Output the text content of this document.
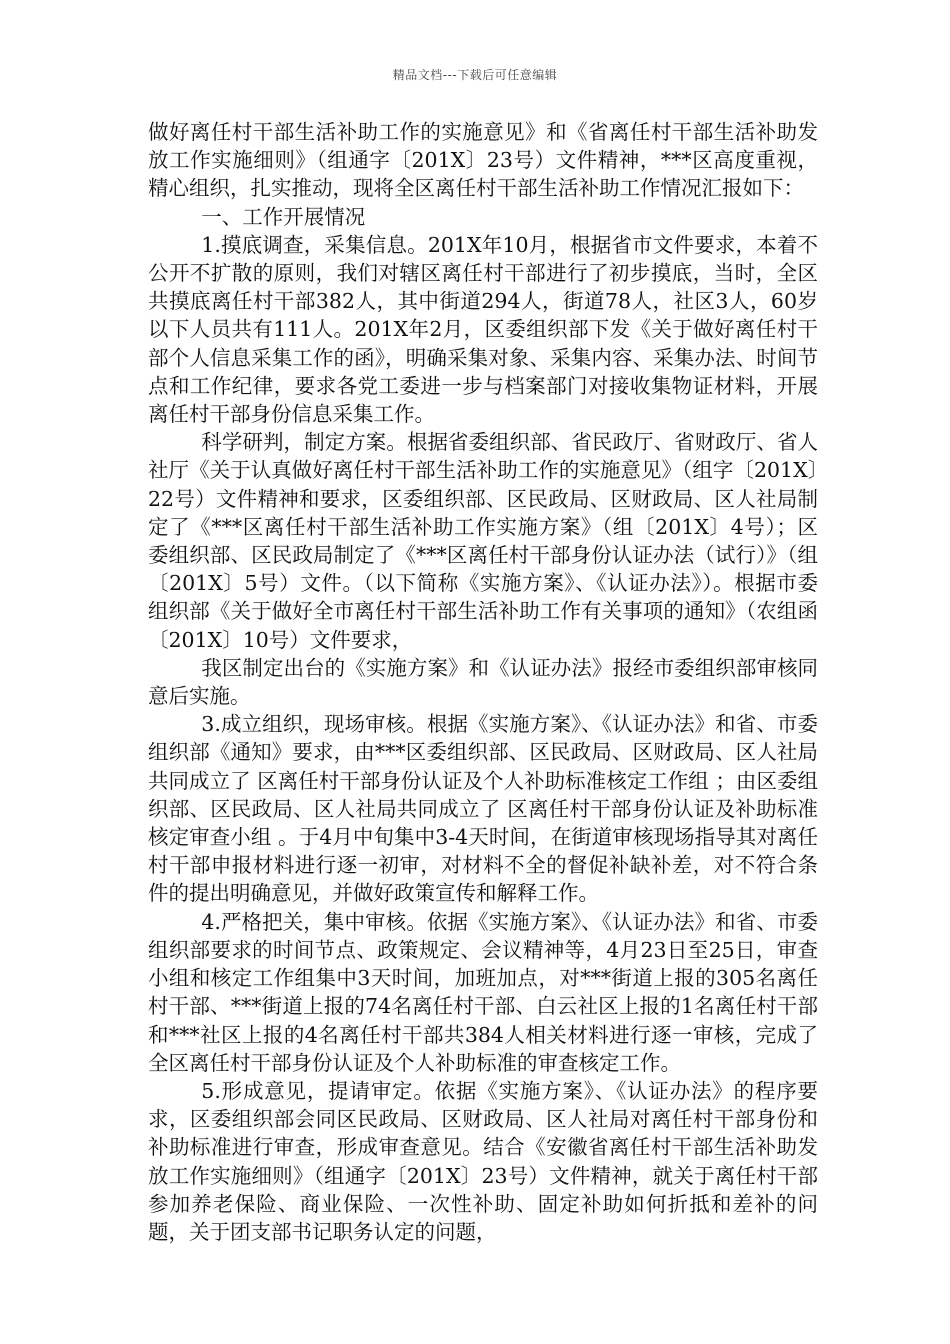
精品文档---下载后可任意编辑

做好离任村干部生活补助工作的实施意见》和《省离任村干部生活补助发放工作实施细则》（组通字〔201X〕23号）文件精神，***区高度重视，精心组织，扎实推动，现将全区离任村干部生活补助工作情况汇报如下：

一、工作开展情况

1.摸底调查，采集信息。201X年10月，根据省市文件要求，本着不公开不扩散的原则，我们对辖区离任村干部进行了初步摸底，当时，全区共摸底离任村干部382人，其中街道294人，街道78人，社区3人，60岁以下人员共有111人。201X年2月，区委组织部下发《关于做好离任村干部个人信息采集工作的函》，明确采集对象、采集内容、采集办法、时间节点和工作纪律，要求各党工委进一步与档案部门对接收集物证材料，开展离任村干部身份信息采集工作。

科学研判，制定方案。根据省委组织部、省民政厅、省财政厅、省人社厅《关于认真做好离任村干部生活补助工作的实施意见》（组字〔201X〕22号）文件精神和要求，区委组织部、区民政局、区财政局、区人社局制定了《***区离任村干部生活补助工作实施方案》（组〔201X〕4号）；区委组织部、区民政局制定了《***区离任村干部身份认证办法（试行）》（组〔201X〕5号）文件。（以下简称《实施方案》、《认证办法》）。根据市委组织部《关于做好全市离任村干部生活补助工作有关事项的通知》（农组函〔201X〕10号）文件要求，

我区制定出台的《实施方案》和《认证办法》报经市委组织部审核同意后实施。

3.成立组织，现场审核。根据《实施方案》、《认证办法》和省、市委组织部《通知》要求，由***区委组织部、区民政局、区财政局、区人社局共同成立了 区离任村干部身份认证及个人补助标准核定工作组 ；由区委组织部、区民政局、区人社局共同成立了 区离任村干部身份认证及补助标准核定审查小组 。于4月中旬集中3-4天时间，在街道审核现场指导其对离任村干部申报材料进行逐一初审，对材料不全的督促补缺补差，对不符合条件的提出明确意见，并做好政策宣传和解释工作。

4.严格把关，集中审核。依据《实施方案》、《认证办法》和省、市委组织部要求的时间节点、政策规定、会议精神等，4月23日至25日，审查小组和核定工作组集中3天时间，加班加点，对***街道上报的305名离任村干部、***街道上报的74名离任村干部、白云社区上报的1名离任村干部和***社区上报的4名离任村干部共384人相关材料进行逐一审核，完成了全区离任村干部身份认证及个人补助标准的审查核定工作。

5.形成意见，提请审定。依据《实施方案》、《认证办法》的程序要求，区委组织部会同区民政局、区财政局、区人社局对离任村干部身份和补助标准进行审查，形成审查意见。结合《安徽省离任村干部生活补助发放工作实施细则》（组通字〔201X〕23号）文件精神，就关于离任村干部参加养老保险、商业保险、一次性补助、固定补助如何折抵和差补的问题，关于团支部书记职务认定的问题，
